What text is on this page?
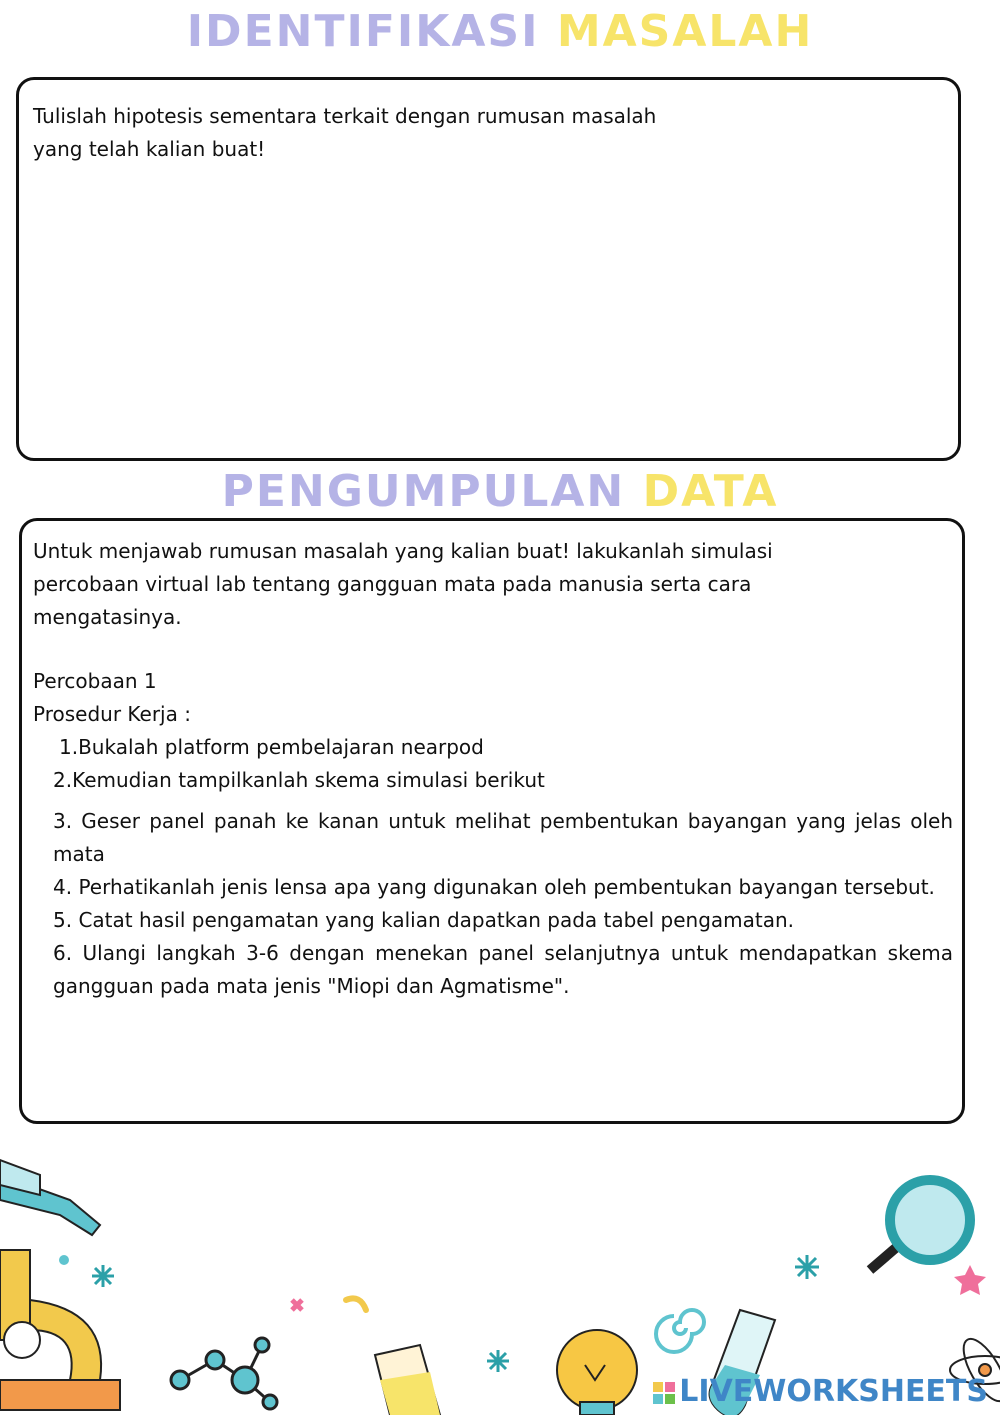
IDENTIFIKASI MASALAH

Tulislah hipotesis sementara terkait dengan rumusan masalah

yang telah kalian buat!

PENGUMPULAN DATA

Untuk menjawab rumusan masalah yang kalian buat! lakukanlah simulasi

percobaan virtual lab tentang gangguan mata pada manusia serta cara

mengatasinya.

Percobaan 1

Prosedur Kerja :

1.Bukalah platform pembelajaran nearpod

2.Kemudian tampilkanlah skema simulasi berikut

3. Geser panel panah ke kanan untuk melihat pembentukan bayangan yang jelas oleh mata

4. Perhatikanlah jenis lensa apa yang digunakan oleh pembentukan bayangan tersebut.

5. Catat hasil pengamatan yang kalian dapatkan pada tabel pengamatan.

6. Ulangi langkah 3-6 dengan menekan panel selanjutnya untuk mendapatkan skema gangguan pada mata jenis "Miopi dan Agmatisme".

LIVEWORKSHEETS
